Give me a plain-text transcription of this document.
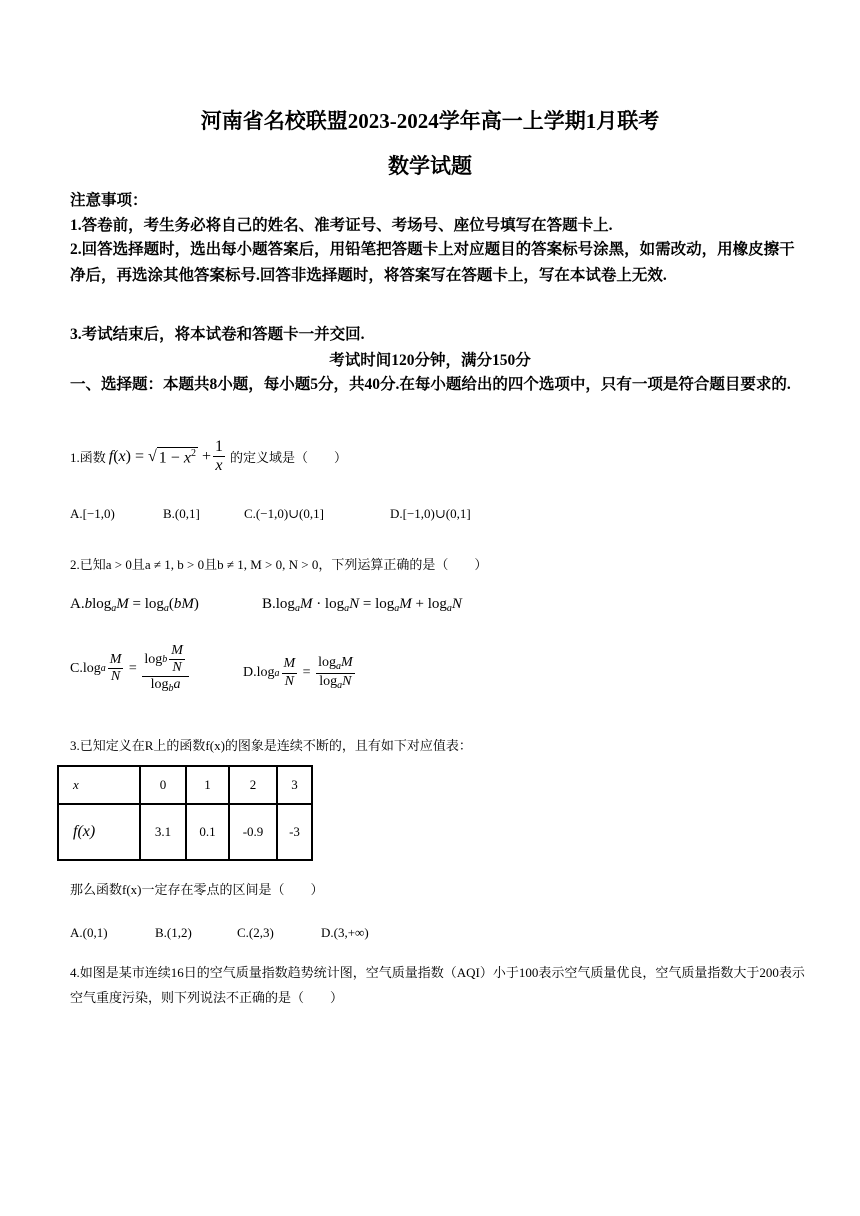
河南省名校联盟2023-2024学年高一上学期1月联考
数学试题
注意事项：
1.答卷前，考生务必将自己的姓名、准考证号、考场号、座位号填写在答题卡上.
2.回答选择题时，选出每小题答案后，用铅笔把答题卡上对应题目的答案标号涂黑，如需改动，用橡皮擦干净后，再选涂其他答案标号.回答非选择题时，将答案写在答题卡上，写在本试卷上无效.
3.考试结束后，将本试卷和答题卡一并交回.
考试时间120分钟，满分150分
一、选择题：本题共8小题，每小题5分，共40分.在每小题给出的四个选项中，只有一项是符合题目要求的.
1.函数 f ( x ) = √ $1 - x^2 + \frac{1}{x}$ 的定义域是（　　）
A.[−1,0)	B.(0,1]	C.(−1,0)∪(0,1]	D.[−1,0)∪(0,1]
2.已知a > 0且a ≠ 1, b > 0且b ≠ 1, M > 0, N > 0，下列运算正确的是（　　）
$A.blog_aM = \log_a(bM)$	$B.\log_aM \cdot \log_aN = \log_aM + \log_aN$
C.log a $\frac{M}{N} = \frac{\log b \frac{M}{N}}{\log_ba}$	D.log a $\frac{M}{N} = \frac{\log_aM}{\log_aN}$
3.已知定义在R上的函数f(x)的图象是连续不断的，且有如下对应值表：
x	0	1	2	3
f(x)	3.1	0.1	-0.9	-3
那么函数f(x)一定存在零点的区间是（　　）
A.(0,1)	B.(1,2)	C.(2,3)	D.(3,+∞)
4.如图是某市连续16日的空气质量指数趋势统计图，空气质量指数（AQI）小于100表示空气质量优良，空气质量指数大于200表示空气重度污染，则下列说法不正确的是（　　）
